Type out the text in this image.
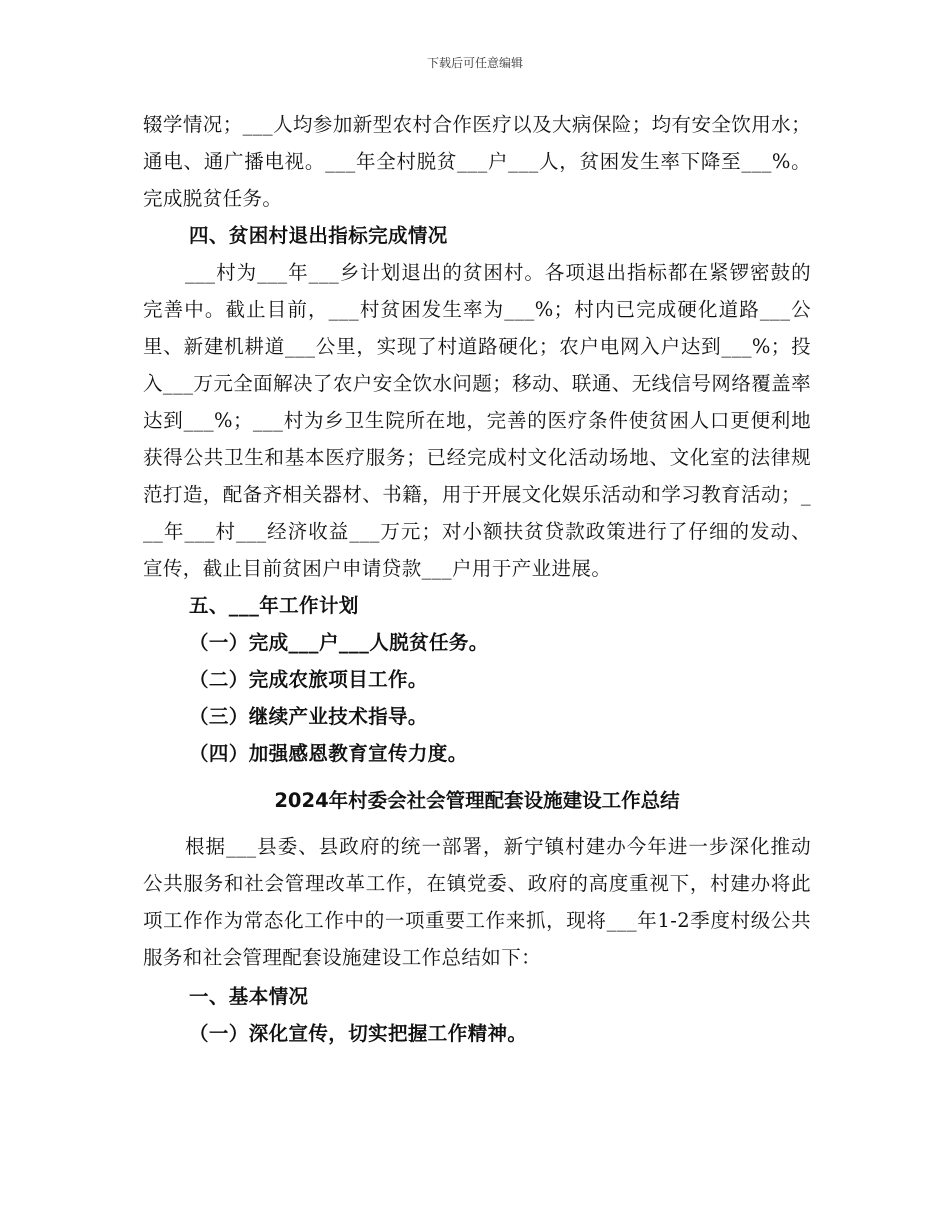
下载后可任意编辑

辍学情况；___人均参加新型农村合作医疗以及大病保险；均有安全饮用水；通电、通广播电视。___年全村脱贫___户___人，贫困发生率下降至___%。完成脱贫任务。

四、贫困村退出指标完成情况

___村为___年___乡计划退出的贫困村。各项退出指标都在紧锣密鼓的完善中。截止目前，___村贫困发生率为___%；村内已完成硬化道路___公里、新建机耕道___公里，实现了村道路硬化；农户电网入户达到___%；投入___万元全面解决了农户安全饮水问题；移动、联通、无线信号网络覆盖率达到___%；___村为乡卫生院所在地，完善的医疗条件使贫困人口更便利地获得公共卫生和基本医疗服务；已经完成村文化活动场地、文化室的法律规范打造，配备齐相关器材、书籍，用于开展文化娱乐活动和学习教育活动；___年___村___经济收益___万元；对小额扶贫贷款政策进行了仔细的发动、宣传，截止目前贫困户申请贷款___户用于产业进展。

五、___年工作计划

（一）完成___户___人脱贫任务。

（二）完成农旅项目工作。

（三）继续产业技术指导。

（四）加强感恩教育宣传力度。

2024年村委会社会管理配套设施建设工作总结

根据___县委、县政府的统一部署，新宁镇村建办今年进一步深化推动公共服务和社会管理改革工作，在镇党委、政府的高度重视下，村建办将此项工作作为常态化工作中的一项重要工作来抓，现将___年1-2季度村级公共服务和社会管理配套设施建设工作总结如下：

一、基本情况

（一）深化宣传，切实把握工作精神。
